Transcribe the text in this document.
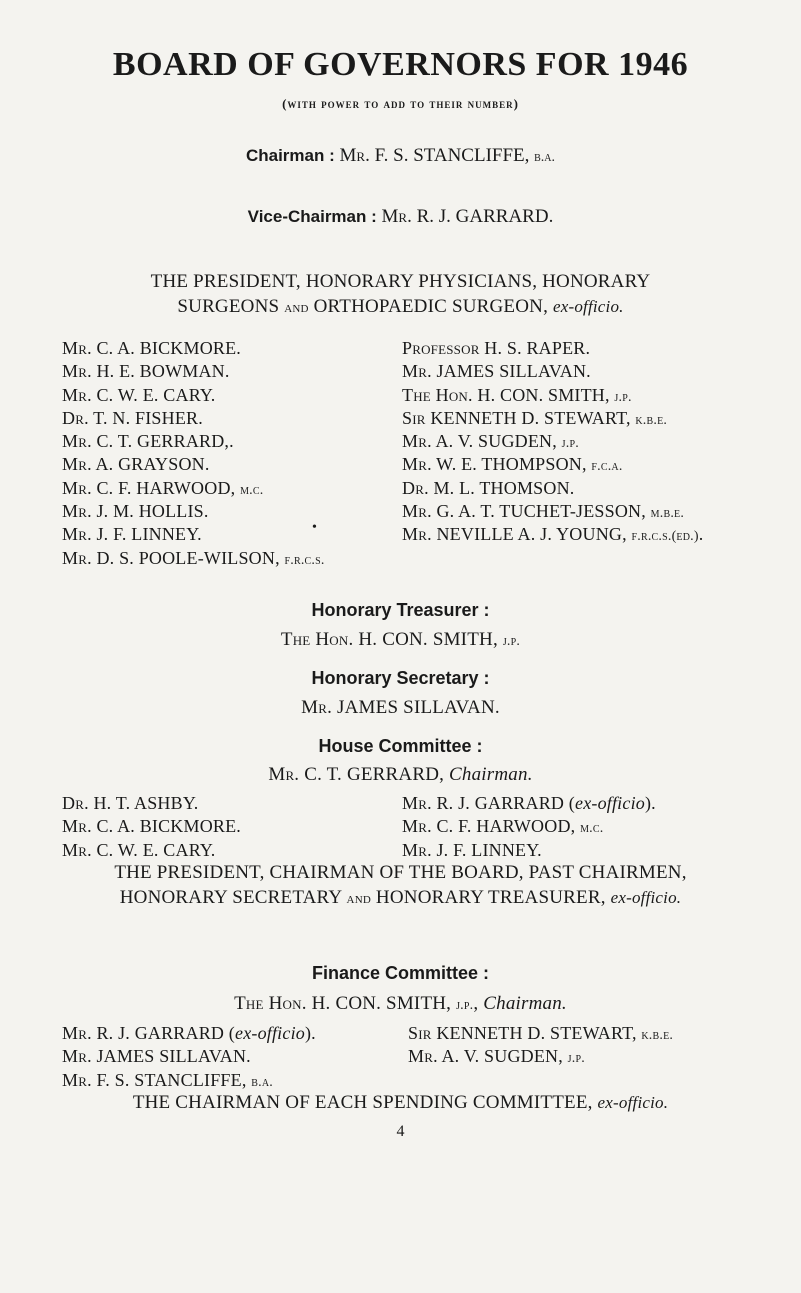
BOARD OF GOVERNORS FOR 1946
(with power to add to their number)
Chairman : Mr. F. S. STANCLIFFE, b.a.
Vice-Chairman : Mr. R. J. GARRARD.
THE PRESIDENT, HONORARY PHYSICIANS, HONORARY
SURGEONS and ORTHOPAEDIC SURGEON, ex-officio.
Mr. C. A. BICKMORE.
Mr. H. E. BOWMAN.
Mr. C. W. E. CARY.
Dr. T. N. FISHER.
Mr. C. T. GERRARD,.
Mr. A. GRAYSON.
Mr. C. F. HARWOOD, m.c.
Mr. J. M. HOLLIS.
Mr. J. F. LINNEY.
Mr. D. S. POOLE-WILSON, f.r.c.s.
Professor H. S. RAPER.
Mr. JAMES SILLAVAN.
The Hon. H. CON. SMITH, j.p.
Sir KENNETH D. STEWART, k.b.e.
Mr. A. V. SUGDEN, j.p.
Mr. W. E. THOMPSON, f.c.a.
Dr. M. L. THOMSON.
Mr. G. A. T. TUCHET-JESSON, m.b.e.
Mr. NEVILLE A. J. YOUNG, f.r.c.s.(ed.).
•
Honorary Treasurer :
The Hon. H. CON. SMITH, j.p.
Honorary Secretary :
Mr. JAMES SILLAVAN.
House Committee :
Mr. C. T. GERRARD, Chairman.
Dr. H. T. ASHBY.
Mr. C. A. BICKMORE.
Mr. C. W. E. CARY.
Mr. R. J. GARRARD (ex-officio).
Mr. C. F. HARWOOD, m.c.
Mr. J. F. LINNEY.
THE PRESIDENT, CHAIRMAN OF THE BOARD, PAST CHAIRMEN,
HONORARY SECRETARY and HONORARY TREASURER, ex-officio.
Finance Committee :
The Hon. H. CON. SMITH, j.p., Chairman.
Mr. R. J. GARRARD (ex-officio).
Mr. JAMES SILLAVAN.
Mr. F. S. STANCLIFFE, b.a.
Sir KENNETH D. STEWART, k.b.e.
Mr. A. V. SUGDEN, j.p.
THE CHAIRMAN OF EACH SPENDING COMMITTEE, ex-officio.
4
